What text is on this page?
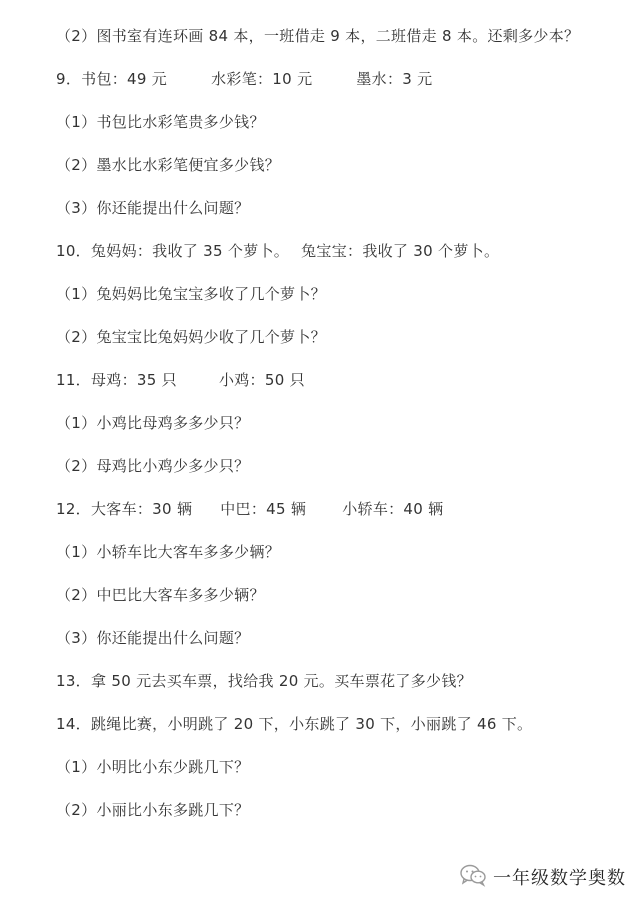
（2）图书室有连环画 84 本，一班借走 9 本，二班借走 8 本。还剩多少本？
9．书包：49 元	水彩笔：10 元	墨水：3 元
（1）书包比水彩笔贵多少钱？
（2）墨水比水彩笔便宜多少钱？
（3）你还能提出什么问题？
10．兔妈妈：我收了 35 个萝卜。 兔宝宝：我收了 30 个萝卜。
（1）兔妈妈比兔宝宝多收了几个萝卜？
（2）兔宝宝比兔妈妈少收了几个萝卜？
11．母鸡：35 只	小鸡：50 只
（1）小鸡比母鸡多多少只？
（2）母鸡比小鸡少多少只？
12．大客车：30 辆 中巴：45 辆 小轿车：40 辆
（1）小轿车比大客车多多少辆？
（2）中巴比大客车多多少辆？
（3）你还能提出什么问题？
13．拿 50 元去买车票，找给我 20 元。买车票花了多少钱？
14．跳绳比赛，小明跳了 20 下，小东跳了 30 下，小丽跳了 46 下。
（1）小明比小东少跳几下？
（2）小丽比小东多跳几下？
一年级数学奥数
